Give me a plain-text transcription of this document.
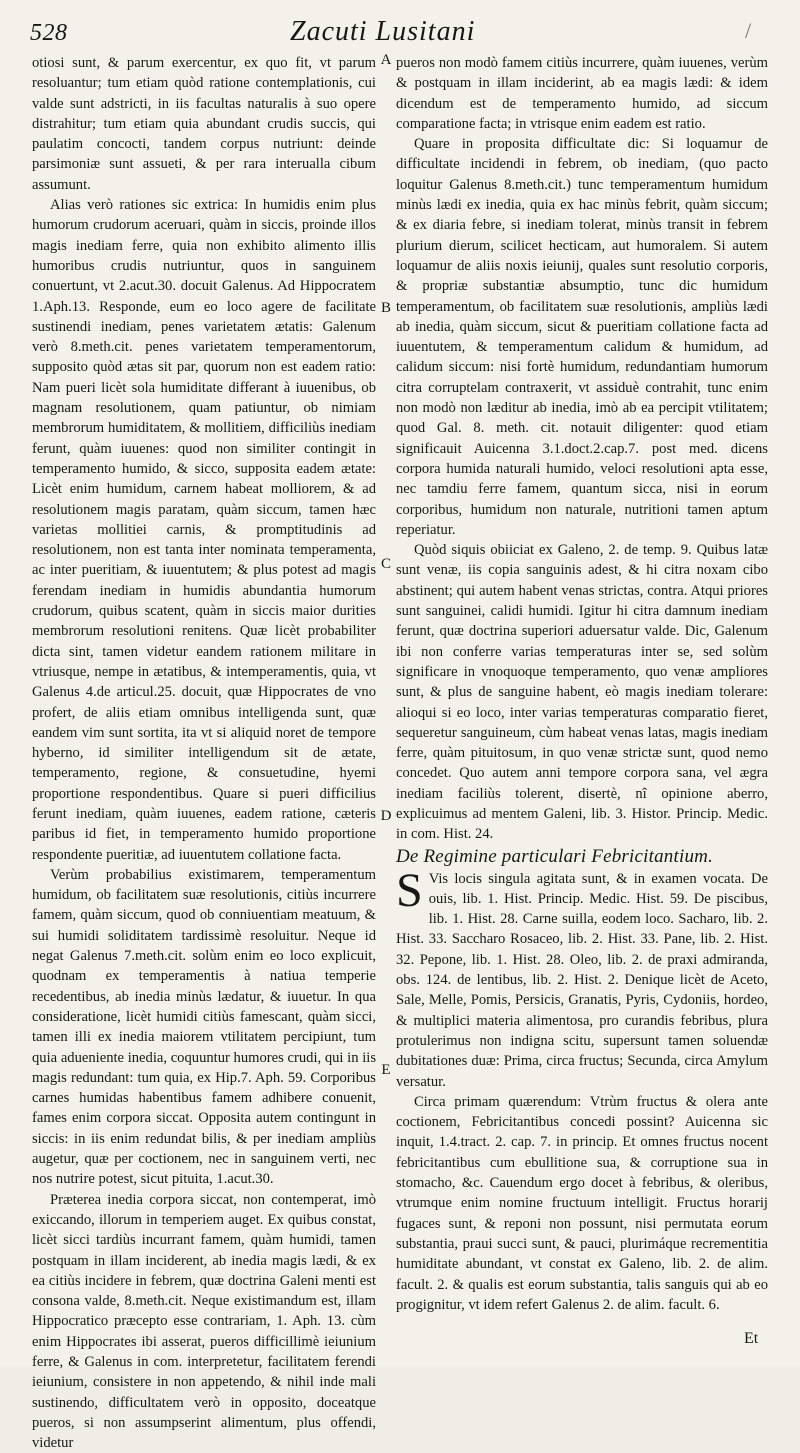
528	Zacuti Lusitani	/

otiosi sunt, & parum exercentur, ex quo fit, vt parum resoluantur; tum etiam quòd ratione contemplationis, cui valde sunt adstricti, in iis facultas naturalis à suo opere distrahitur; tum etiam quia abundant crudis succis, qui paulatim concocti, tandem corpus nutriunt: deinde parsimoniæ sunt assueti, & per rara interualla cibum assumunt.

Alias verò rationes sic extrica: In humidis enim plus humorum crudorum aceruari, quàm in siccis, proinde illos magis inediam ferre, quia non exhibito alimento illis humoribus crudis nutriuntur, quos in sanguinem conuertunt, vt 2.acut.30. docuit Galenus. Ad Hippocratem 1.Aph.13. Responde, eum eo loco agere de facilitate sustinendi inediam, penes varietatem ætatis: Galenum verò 8.meth.cit. penes varietatem temperamentorum, supposito quòd ætas sit par, quorum non est eadem ratio: Nam pueri licèt sola humiditate differant à iuuenibus, ob magnam resolutionem, quam patiuntur, ob nimiam membrorum humiditatem, & mollitiem, difficiliùs inediam ferunt, quàm iuuenes: quod non similiter contingit in temperamento humido, & sicco, supposita eadem ætate: Licèt enim humidum, carnem habeat molliorem, & ad resolutionem magis paratam, quàm siccum, tamen hæc varietas mollitiei carnis, & promptitudinis ad resolutionem, non est tanta inter nominata temperamenta, ac inter pueritiam, & iuuentutem; & plus potest ad magis ferendam inediam in humidis abundantia humorum crudorum, quibus scatent, quàm in siccis maior durities membrorum resolutioni renitens. Quæ licèt probabiliter dicta sint, tamen videtur eandem rationem militare in vtriusque, nempe in ætatibus, & intemperamentis, quia, vt Galenus 4.de articul.25. docuit, quæ Hippocrates de vno profert, de aliis etiam omnibus intelligenda sunt, quæ eandem vim sunt sortita, ita vt si aliquid noret de tempore hyberno, id similiter intelligendum sit de ætate, temperamento, regione, & consuetudine, hyemi proportione respondentibus. Quare si pueri difficilius ferunt inediam, quàm iuuenes, eadem ratione, cæteris paribus id fiet, in temperamento humido proportione respondente pueritiæ, ad iuuentutem collatione facta.

Verùm probabilius existimarem, temperamentum humidum, ob facilitatem suæ resolutionis, citiùs incurrere famem, quàm siccum, quod ob conniuentiam meatuum, & sui humidi soliditatem tardissimè resoluitur. Neque id negat Galenus 7.meth.cit. solùm enim eo loco explicuit, quodnam ex temperamentis à natiua temperie recedentibus, ab inedia minùs lædatur, & iuuetur. In qua consideratione, licèt humidi citiùs famescant, quàm sicci, tamen illi ex inedia maiorem vtilitatem percipiunt, tum quia adueniente inedia, coquuntur humores crudi, qui in iis magis redundant: tum quia, ex Hip.7. Aph. 59. Corporibus carnes humidas habentibus famem adhibere conuenit, fames enim corpora siccat. Opposita autem contingunt in siccis: in iis enim redundat bilis, & per inediam ampliùs augetur, quæ per coctionem, nec in sanguinem verti, nec nos nutrire potest, sicut pituita, 1.acut.30.

Præterea inedia corpora siccat, non contemperat, imò exiccando, illorum in temperiem auget. Ex quibus constat, licèt sicci tardiùs incurrant famem, quàm humidi, tamen postquam in illam inciderent, ab inedia magis lædi, & ex ea citiùs incidere in febrem, quæ doctrina Galeni menti est consona valde, 8.meth.cit. Neque existimandum est, illam Hippocratico præcepto esse contrariam, 1. Aph. 13. cùm enim Hippocrates ibi asserat, pueros difficillimè ieiunium ferre, & Galenus in com. interpretetur, facilitatem ferendi ieiunium, consistere in non appetendo, & nihil inde mali sustinendo, difficultatem verò in opposito, doceatque pueros, si non assumpserint alimentum, plus offendi, videtur

A
B
C
D
E

pueros non modò famem citiùs incurrere, quàm iuuenes, verùm & postquam in illam inciderint, ab ea magis lædi: & idem dicendum est de temperamento humido, ad siccum comparatione facta; in vtrisque enim eadem est ratio.

Quare in proposita difficultate dic: Si loquamur de difficultate incidendi in febrem, ob inediam, (quo pacto loquitur Galenus 8.meth.cit.) tunc temperamentum humidum minùs lædi ex inedia, quia ex hac minùs febrit, quàm siccum; & ex diaria febre, si inediam tolerat, minùs transit in febrem plurium dierum, scilicet hecticam, aut humoralem. Si autem loquamur de aliis noxis ieiunij, quales sunt resolutio corporis, & propriæ substantiæ absumptio, tunc dic humidum temperamentum, ob facilitatem suæ resolutionis, ampliùs lædi ab inedia, quàm siccum, sicut & pueritiam collatione facta ad iuuentutem, & temperamentum calidum & humidum, ad calidum siccum: nisi fortè humidum, redundantiam humorum citra corruptelam contraxerit, vt assiduè contrahit, tunc enim non modò non læditur ab inedia, imò ab ea percipit vtilitatem; quod Gal. 8. meth. cit. notauit diligenter: quod etiam significauit Auicenna 3.1.doct.2.cap.7. post med. dicens corpora humida naturali humido, veloci resolutioni apta esse, nec tamdiu ferre famem, quantum sicca, nisi in eorum corporibus, humidum non naturale, nutritioni tamen aptum reperiatur.

Quòd siquis obiiciat ex Galeno, 2. de temp. 9. Quibus latæ sunt venæ, iis copia sanguinis adest, & hi citra noxam cibo abstinent; qui autem habent venas strictas, contra. Atqui priores sunt sanguinei, calidi humidi. Igitur hi citra damnum inediam ferunt, quæ doctrina superiori aduersatur valde. Dic, Galenum ibi non conferre varias temperaturas inter se, sed solùm significare in vnoquoque temperamento, quo venæ ampliores sunt, & plus de sanguine habent, eò magis inediam tolerare: alioqui si eo loco, inter varias temperaturas comparatio fieret, sequeretur sanguineum, cùm habeat venas latas, magis inediam ferre, quàm pituitosum, in quo venæ strictæ sunt, quod nemo concedet. Quo autem anni tempore corpora sana, vel ægra inediam faciliùs tolerent, disertè, nî opinione aberro, explicuimus ad mentem Galeni, lib. 3. Histor. Princip. Medic. in com. Hist. 24.

De Regimine particulari Febricitantium.

S Vis locis singula agitata sunt, & in examen vocata. De ouis, lib. 1. Hist. Princip. Medic. Hist. 59. De piscibus, lib. 1. Hist. 28. Carne suilla, eodem loco. Sacharo, lib. 2. Hist. 33. Saccharo Rosaceo, lib. 2. Hist. 33. Pane, lib. 2. Hist. 32. Pepone, lib. 1. Hist. 28. Oleo, lib. 2. de praxi admiranda, obs. 124. de lentibus, lib. 2. Hist. 2. Denique licèt de Aceto, Sale, Melle, Pomis, Persicis, Granatis, Pyris, Cydoniis, hordeo, & multiplici materia alimentosa, pro curandis febribus, plura protulerimus non indigna scitu, supersunt tamen soluendæ dubitationes duæ: Prima, circa fructus; Secunda, circa Amylum versatur.

Circa primam quærendum: Vtrùm fructus & olera ante coctionem, Febricitantibus concedi possint? Auicenna sic inquit, 1.4.tract. 2. cap. 7. in princip. Et omnes fructus nocent febricitantibus cum ebullitione sua, & corruptione sua in stomacho, &c. Cauendum ergo docet à febribus, & oleribus, vtrumque enim nomine fructuum intelligit. Fructus horarij fugaces sunt, & reponi non possunt, nisi permutata eorum substantia, praui succi sunt, & pauci, plurimáque recrementitia humiditate abundant, vt constat ex Galeno, lib. 2. de alim. facult. 2. & qualis est eorum substantia, talis sanguis qui ab eo progignitur, vt idem refert Galenus 2. de alim. facult. 6.

Et
